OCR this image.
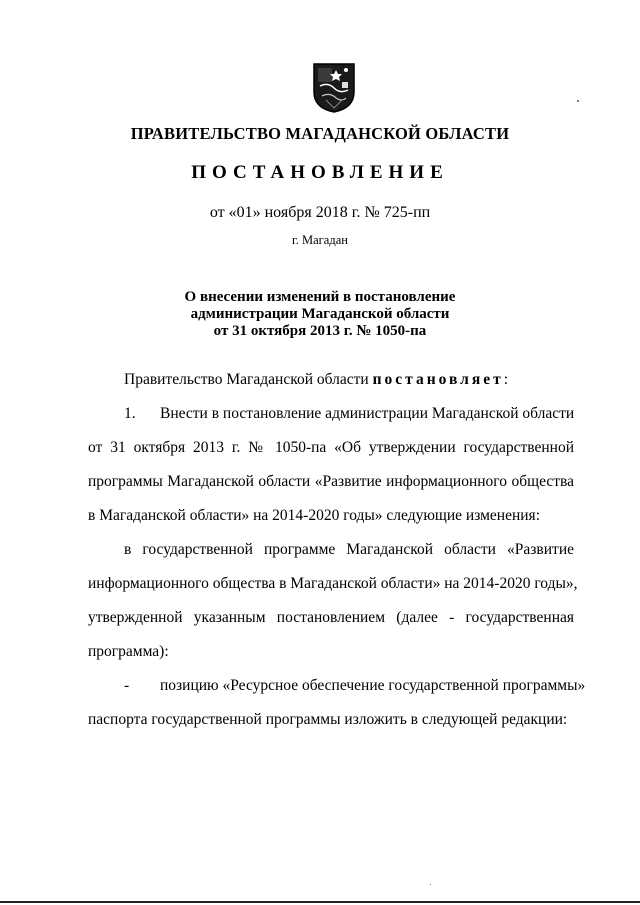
ПРАВИТЕЛЬСТВО МАГАДАНСКОЙ ОБЛАСТИ
ПОСТАНОВЛЕНИЕ
от «01» ноября 2018 г. № 725-пп
г. Магадан
О внесении изменений в постановление
администрации Магаданской области
от 31 октября 2013 г. № 1050-па
Правительство Магаданской области постановляет:
1. Внести в постановление администрации Магаданской области
от 31 октября 2013 г. № 1050-па «Об утверждении государственной
программы Магаданской области «Развитие информационного общества
в Магаданской области» на 2014-2020 годы» следующие изменения:
в государственной программе Магаданской области «Развитие
информационного общества в Магаданской области» на 2014-2020 годы»,
утвержденной указанным постановлением (далее - государственная
программа):
- позицию «Ресурсное обеспечение государственной программы»
паспорта государственной программы изложить в следующей редакции:
